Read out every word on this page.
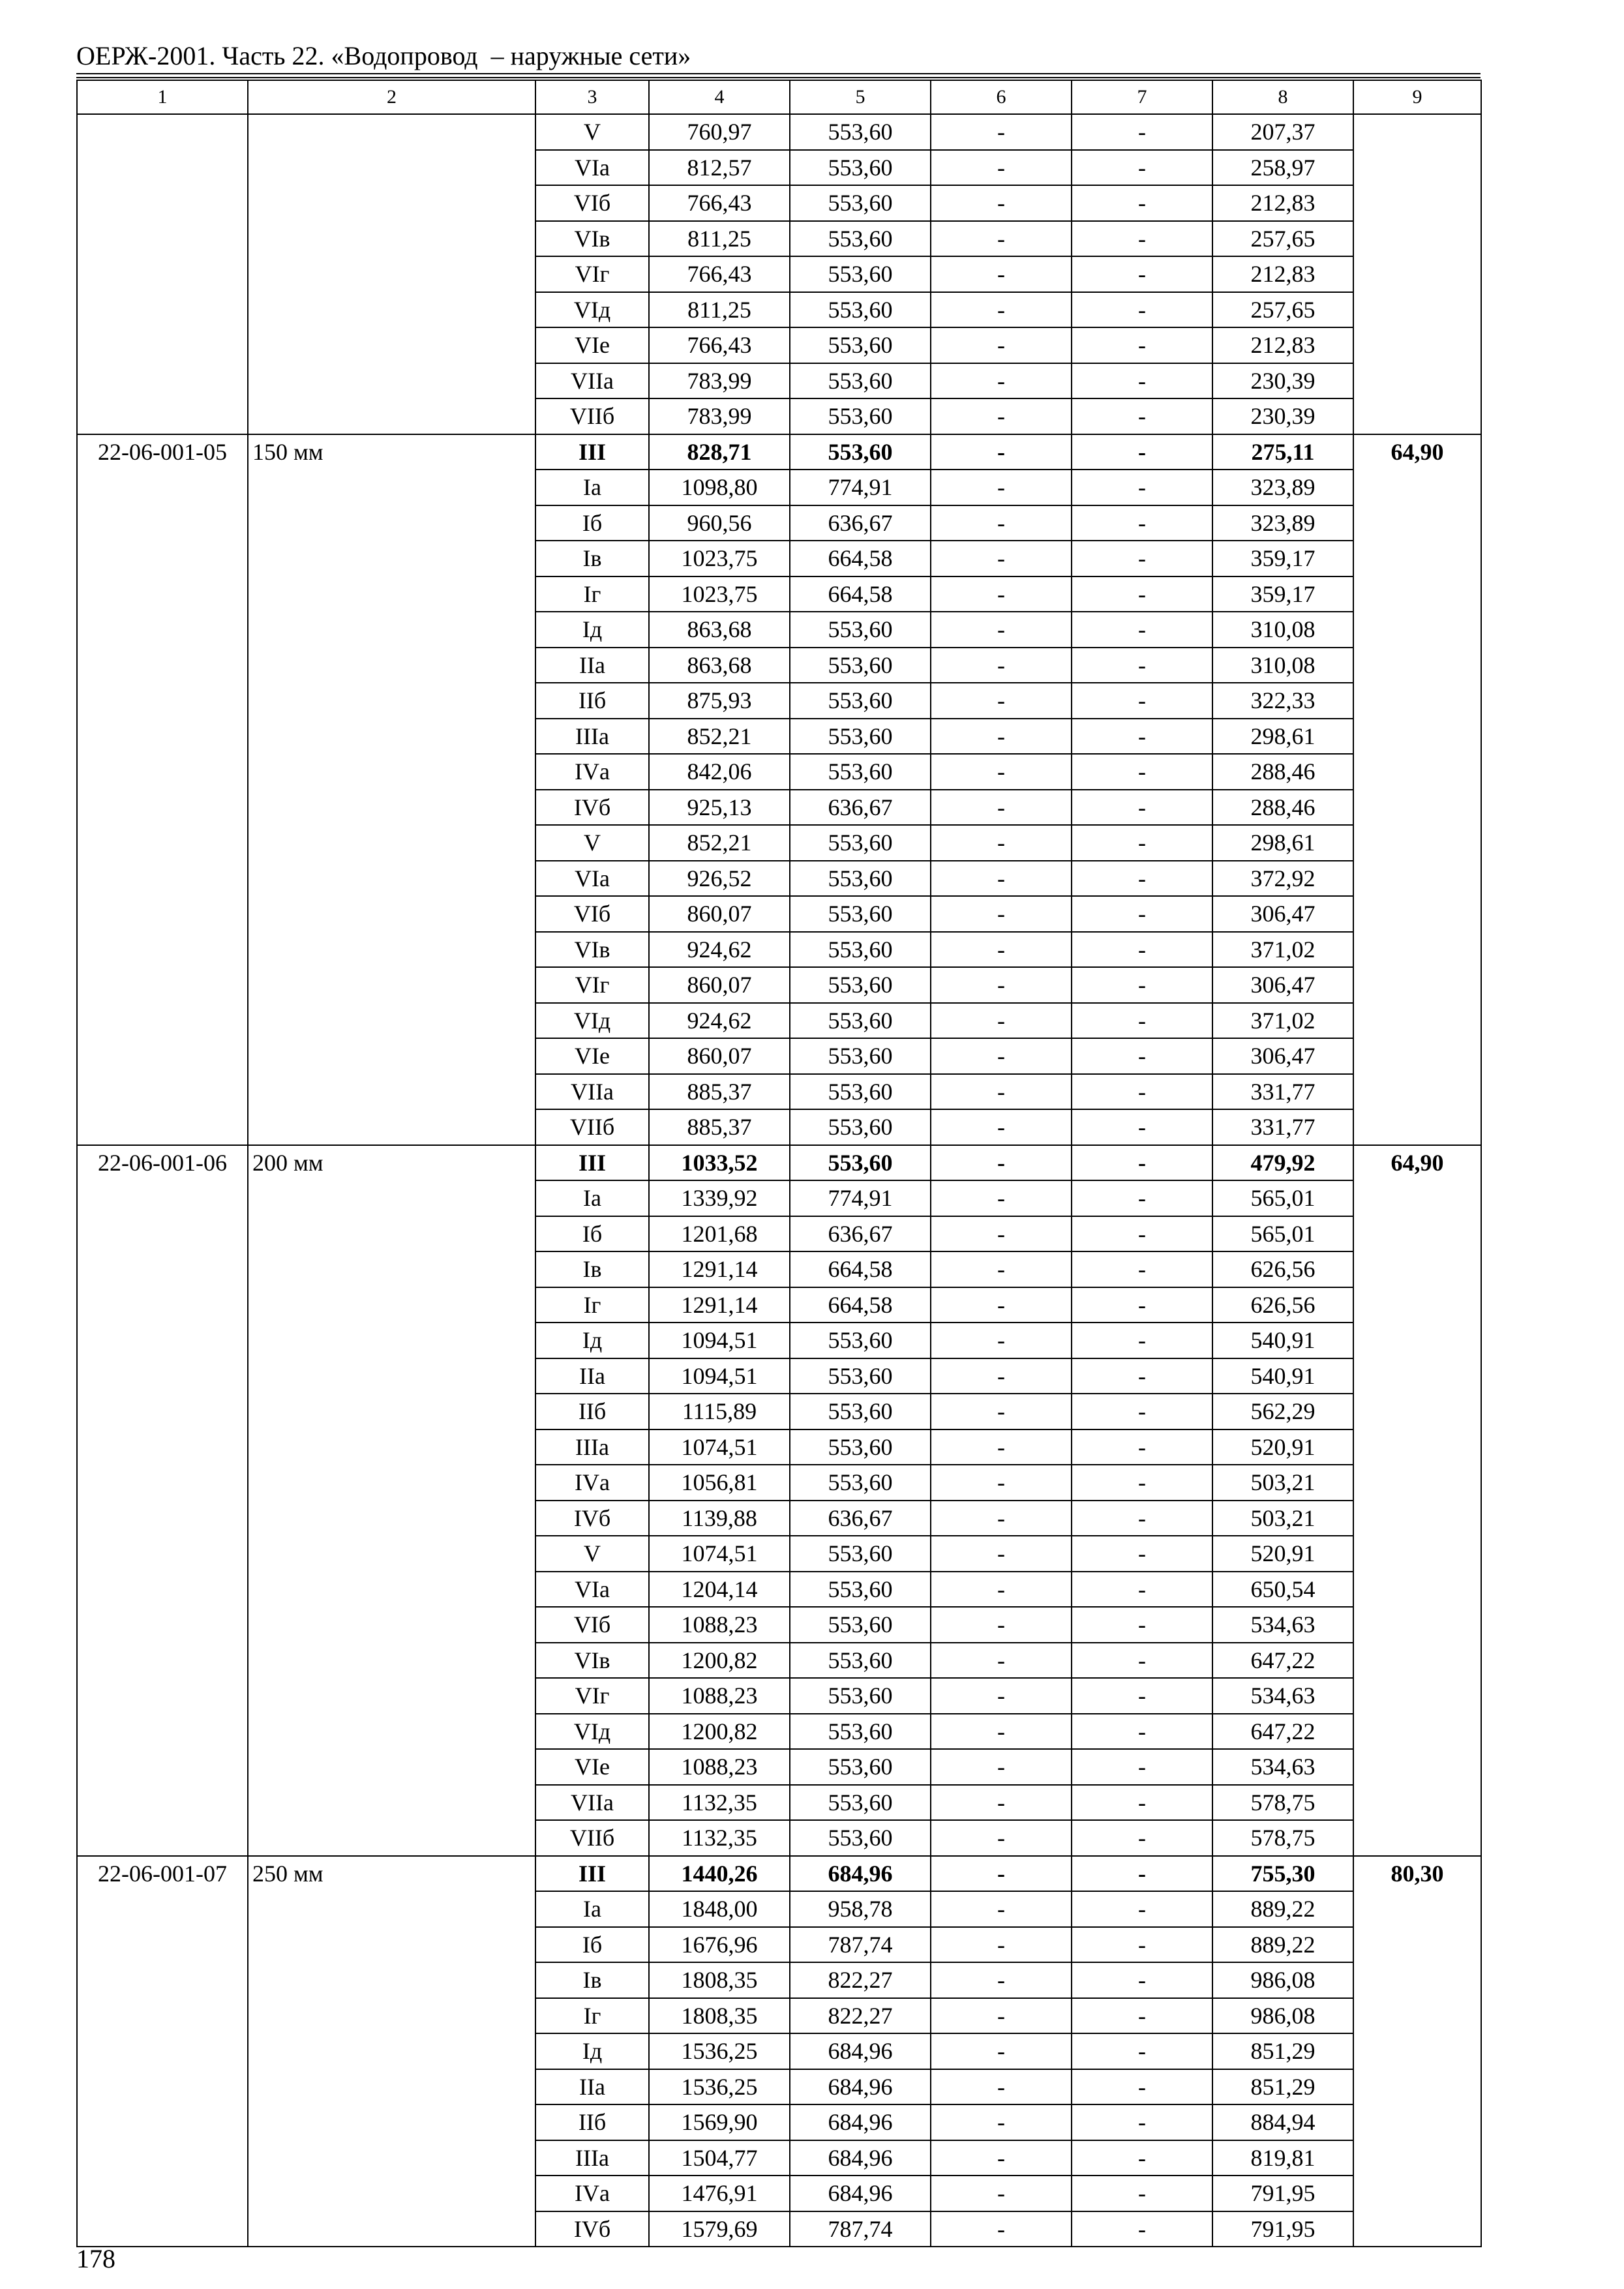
ОЕРЖ-2001. Часть 22. «Водопровод  – наружные сети»
1	2	3	4	5	6	7	8	9
		V	760,97	553,60	-	-	207,37	
		VIа	812,57	553,60	-	-	258,97	
		VIб	766,43	553,60	-	-	212,83	
		VIв	811,25	553,60	-	-	257,65	
		VIг	766,43	553,60	-	-	212,83	
		VIд	811,25	553,60	-	-	257,65	
		VIе	766,43	553,60	-	-	212,83	
		VIIа	783,99	553,60	-	-	230,39	
		VIIб	783,99	553,60	-	-	230,39	
22-06-001-05	150 мм	III	828,71	553,60	-	-	275,11	64,90
		Iа	1098,80	774,91	-	-	323,89	
		Iб	960,56	636,67	-	-	323,89	
		Iв	1023,75	664,58	-	-	359,17	
		Iг	1023,75	664,58	-	-	359,17	
		Iд	863,68	553,60	-	-	310,08	
		IIа	863,68	553,60	-	-	310,08	
		IIб	875,93	553,60	-	-	322,33	
		IIIа	852,21	553,60	-	-	298,61	
		IVа	842,06	553,60	-	-	288,46	
		IVб	925,13	636,67	-	-	288,46	
		V	852,21	553,60	-	-	298,61	
		VIа	926,52	553,60	-	-	372,92	
		VIб	860,07	553,60	-	-	306,47	
		VIв	924,62	553,60	-	-	371,02	
		VIг	860,07	553,60	-	-	306,47	
		VIд	924,62	553,60	-	-	371,02	
		VIе	860,07	553,60	-	-	306,47	
		VIIа	885,37	553,60	-	-	331,77	
		VIIб	885,37	553,60	-	-	331,77	
22-06-001-06	200 мм	III	1033,52	553,60	-	-	479,92	64,90
		Iа	1339,92	774,91	-	-	565,01	
		Iб	1201,68	636,67	-	-	565,01	
		Iв	1291,14	664,58	-	-	626,56	
		Iг	1291,14	664,58	-	-	626,56	
		Iд	1094,51	553,60	-	-	540,91	
		IIа	1094,51	553,60	-	-	540,91	
		IIб	1115,89	553,60	-	-	562,29	
		IIIа	1074,51	553,60	-	-	520,91	
		IVа	1056,81	553,60	-	-	503,21	
		IVб	1139,88	636,67	-	-	503,21	
		V	1074,51	553,60	-	-	520,91	
		VIа	1204,14	553,60	-	-	650,54	
		VIб	1088,23	553,60	-	-	534,63	
		VIв	1200,82	553,60	-	-	647,22	
		VIг	1088,23	553,60	-	-	534,63	
		VIд	1200,82	553,60	-	-	647,22	
		VIе	1088,23	553,60	-	-	534,63	
		VIIа	1132,35	553,60	-	-	578,75	
		VIIб	1132,35	553,60	-	-	578,75	
22-06-001-07	250 мм	III	1440,26	684,96	-	-	755,30	80,30
		Iа	1848,00	958,78	-	-	889,22	
		Iб	1676,96	787,74	-	-	889,22	
		Iв	1808,35	822,27	-	-	986,08	
		Iг	1808,35	822,27	-	-	986,08	
		Iд	1536,25	684,96	-	-	851,29	
		IIа	1536,25	684,96	-	-	851,29	
		IIб	1569,90	684,96	-	-	884,94	
		IIIа	1504,77	684,96	-	-	819,81	
		IVа	1476,91	684,96	-	-	791,95	
		IVб	1579,69	787,74	-	-	791,95	
178
